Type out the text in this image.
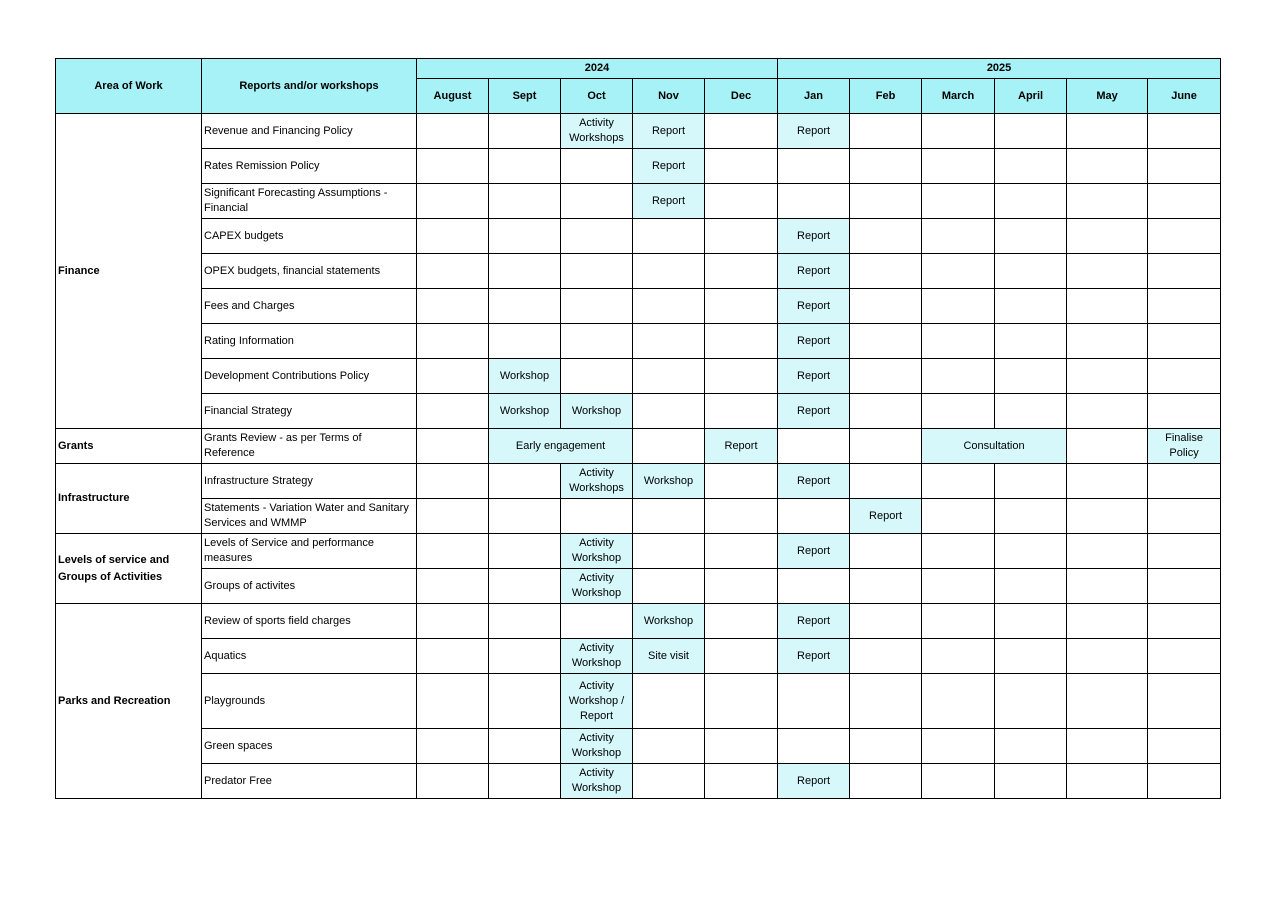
Area of Work	Reports and/or workshops	2024					2025					
		August	Sept	Oct	Nov	Dec	Jan	Feb	March	April	May	June
Finance	Revenue and Financing Policy			Activity Workshops	Report		Report					
	Rates Remission Policy				Report							
	Significant Forecasting Assumptions - Financial				Report							
	CAPEX budgets						Report					
	OPEX budgets, financial statements						Report					
	Fees and Charges						Report					
	Rating Information						Report					
	Development Contributions Policy		Workshop				Report					
	Financial Strategy		Workshop	Workshop			Report					
Grants	Grants Review - as per Terms of Reference		Early engagement			Report			Consultation			Finalise Policy
Infrastructure	Infrastructure Strategy			Activity Workshops	Workshop		Report					
	Statements - Variation Water and Sanitary Services and WMMP							Report				
Levels of service and Groups of Activities	Levels of Service and performance measures			Activity Workshop			Report					
	Groups of activites			Activity Workshop								
Parks and Recreation	Review of sports field charges				Workshop		Report					
	Aquatics			Activity Workshop	Site visit		Report					
	Playgrounds			Activity Workshop / Report								
	Green spaces			Activity Workshop								
	Predator Free			Activity Workshop			Report					
